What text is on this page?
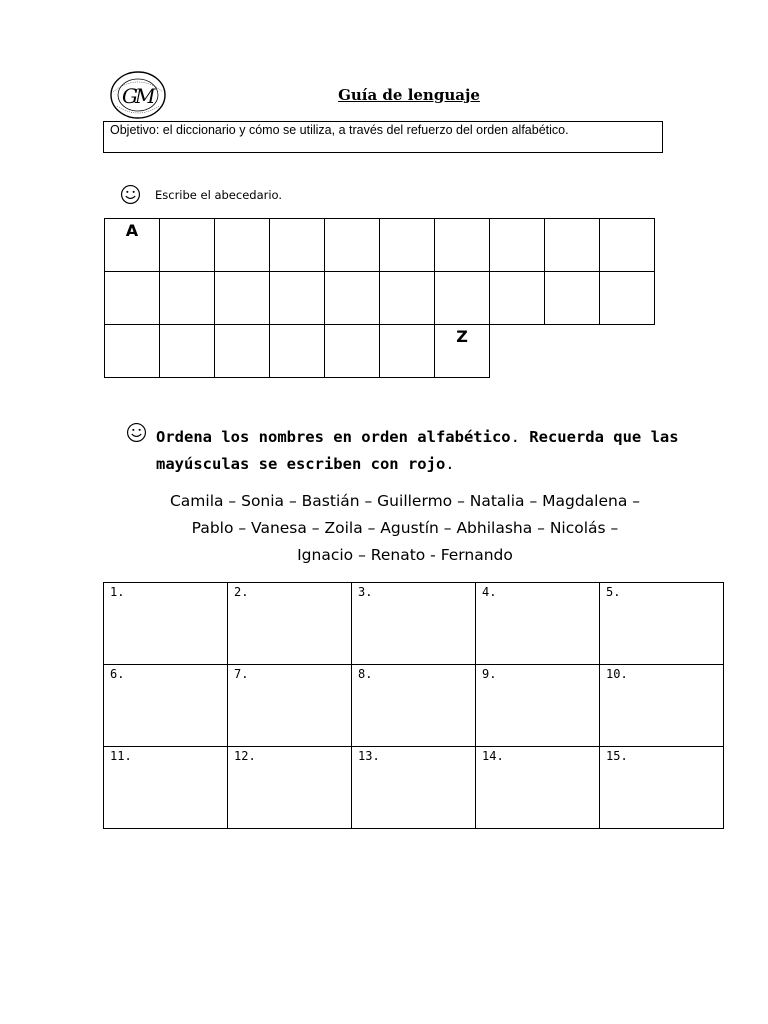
G
M	Guía de lenguaje
Objetivo: el diccionario y cómo se utiliza, a través del refuerzo del orden alfabético.
Escribe el abecedario.
A									

						Z			
Ordena los nombres en orden alfabético. Recuerda que las mayúsculas se escriben con rojo.
Camila – Sonia – Bastián – Guillermo – Natalia – Magdalena –
Pablo – Vanesa – Zoila – Agustín – Abhilasha – Nicolás –
Ignacio – Renato - Fernando
1.	2.	3.	4.	5.
6.	7.	8.	9.	10.
11.	12.	13.	14.	15.
